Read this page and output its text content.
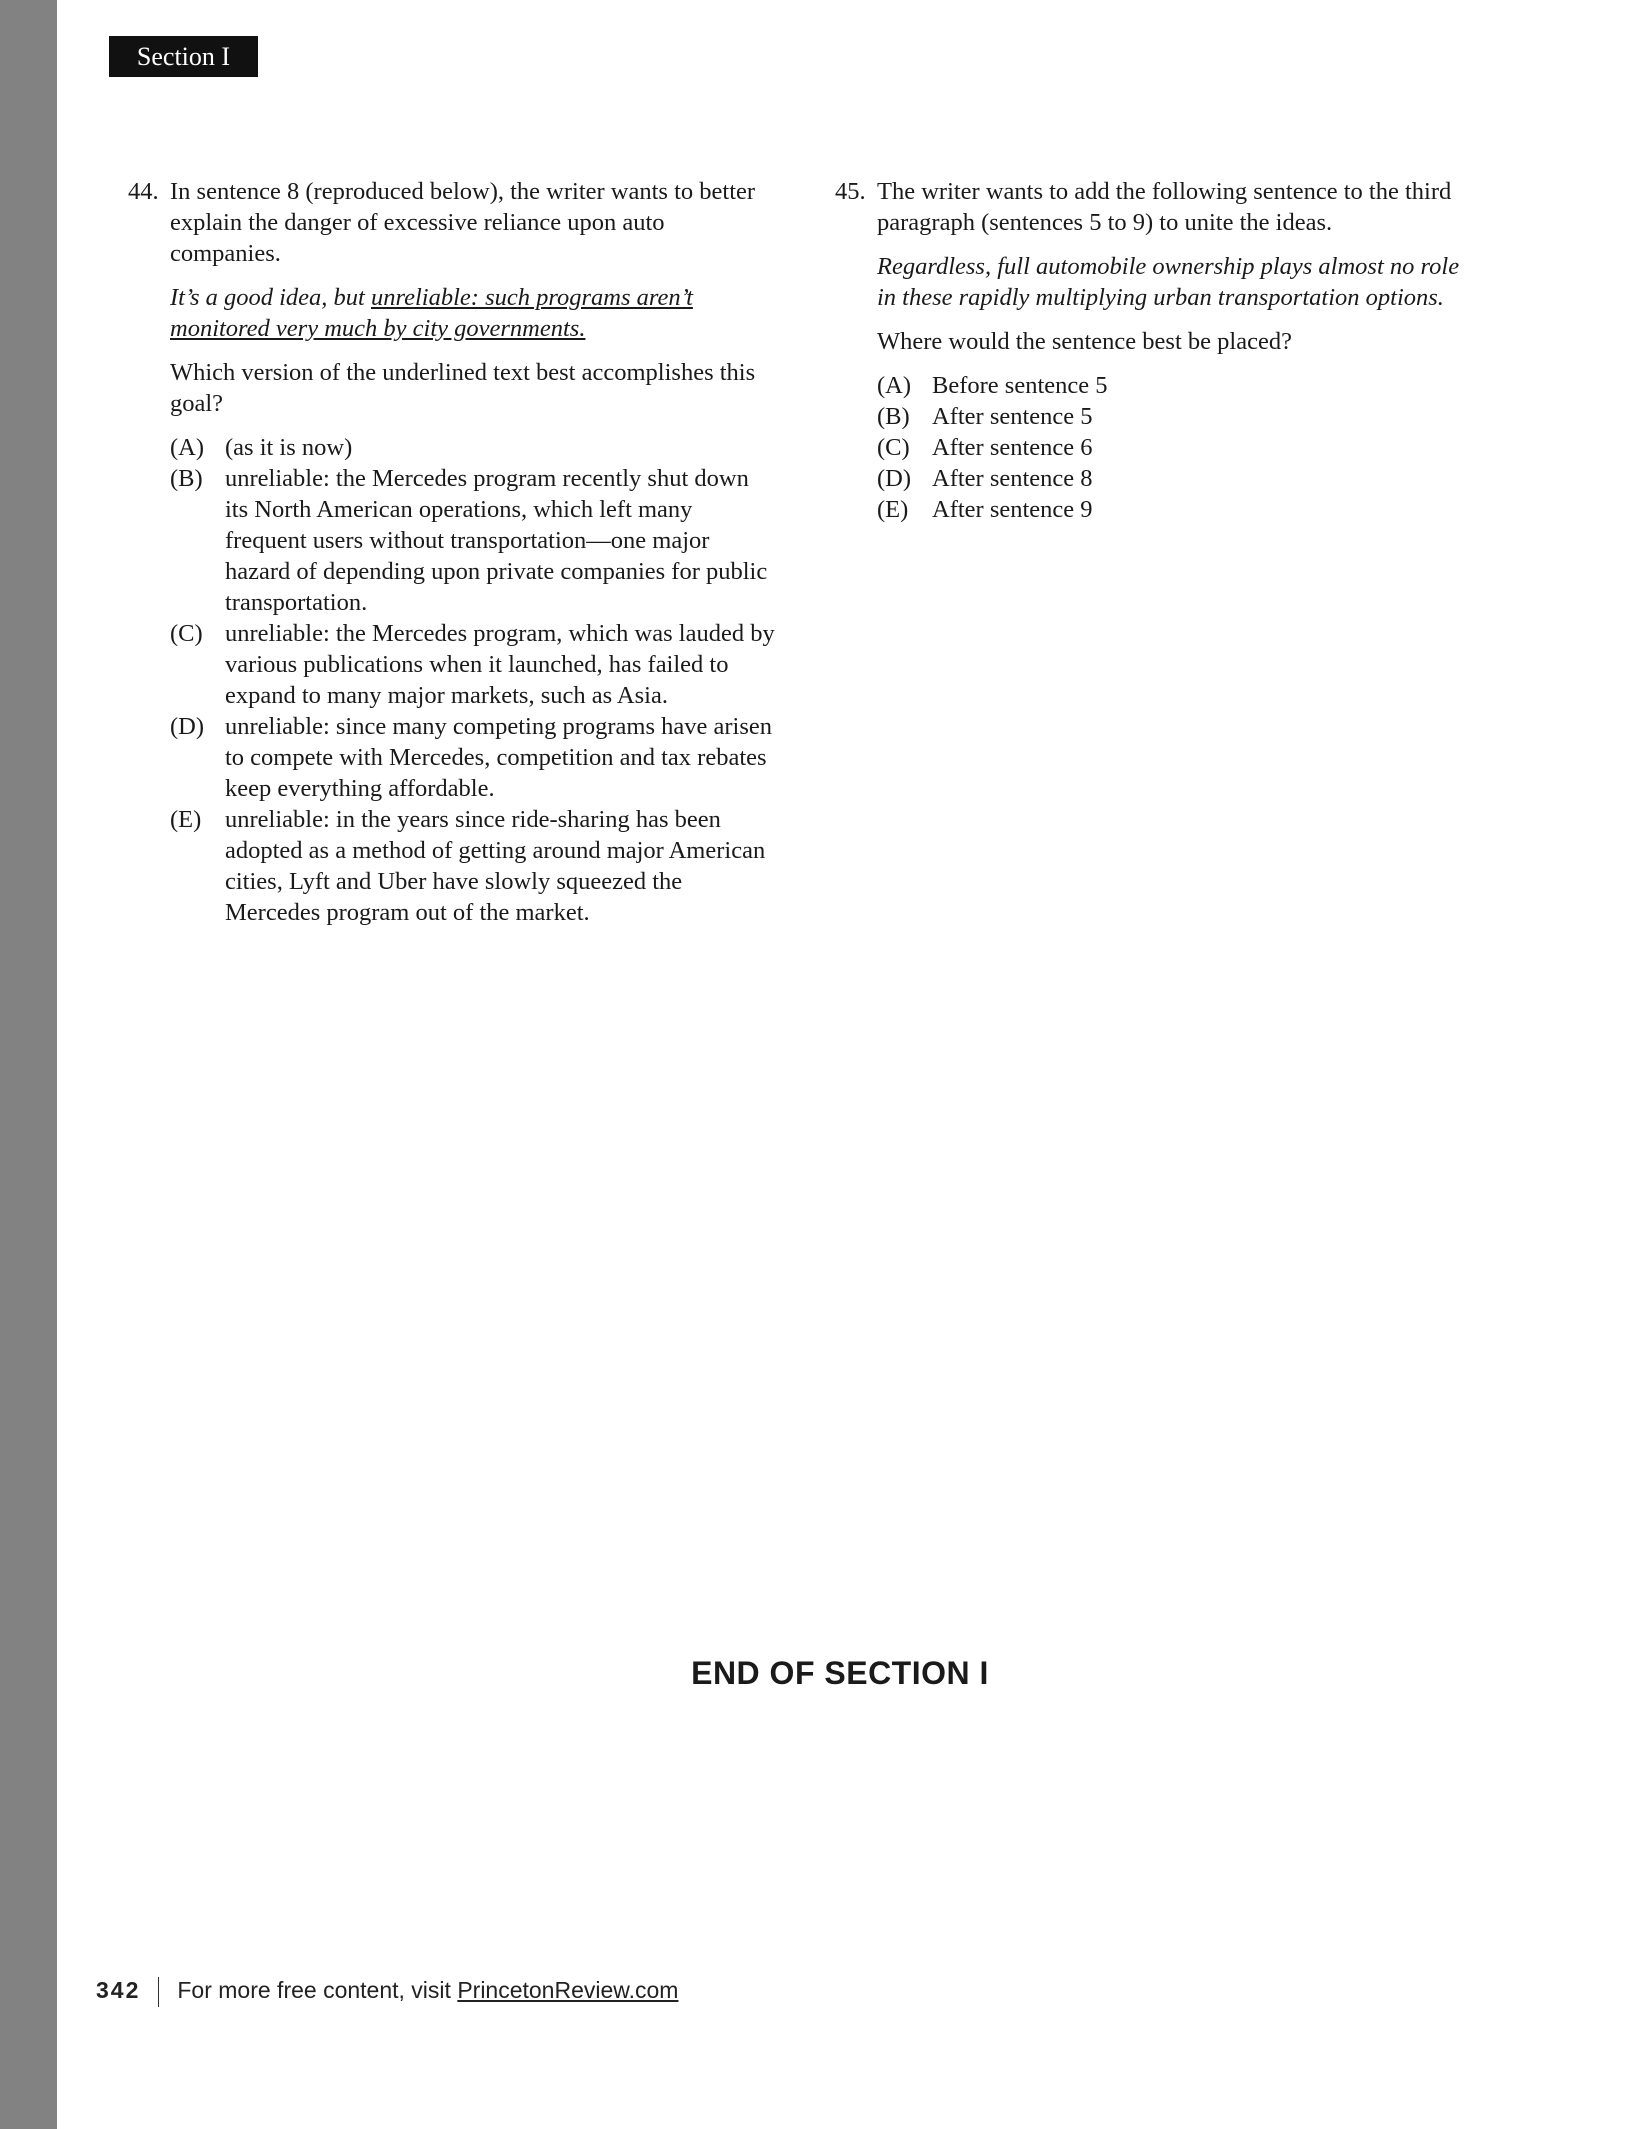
Section I

44. In sentence 8 (reproduced below), the writer wants to better explain the danger of excessive reliance upon auto companies.

It’s a good idea, but unreliable: such programs aren’t monitored very much by city governments.

Which version of the underlined text best accomplishes this goal?

(A) (as it is now)
(B) unreliable: the Mercedes program recently shut down its North American operations, which left many frequent users without transportation—one major hazard of depending upon private companies for public transportation.
(C) unreliable: the Mercedes program, which was lauded by various publications when it launched, has failed to expand to many major markets, such as Asia.
(D) unreliable: since many competing programs have arisen to compete with Mercedes, competition and tax rebates keep everything affordable.
(E) unreliable: in the years since ride-sharing has been adopted as a method of getting around major American cities, Lyft and Uber have slowly squeezed the Mercedes program out of the market.

45. The writer wants to add the following sentence to the third paragraph (sentences 5 to 9) to unite the ideas.

Regardless, full automobile ownership plays almost no role in these rapidly multiplying urban transportation options.

Where would the sentence best be placed?

(A) Before sentence 5
(B) After sentence 5
(C) After sentence 6
(D) After sentence 8
(E) After sentence 9
END OF SECTION I
342 For more free content, visit PrincetonReview.com
